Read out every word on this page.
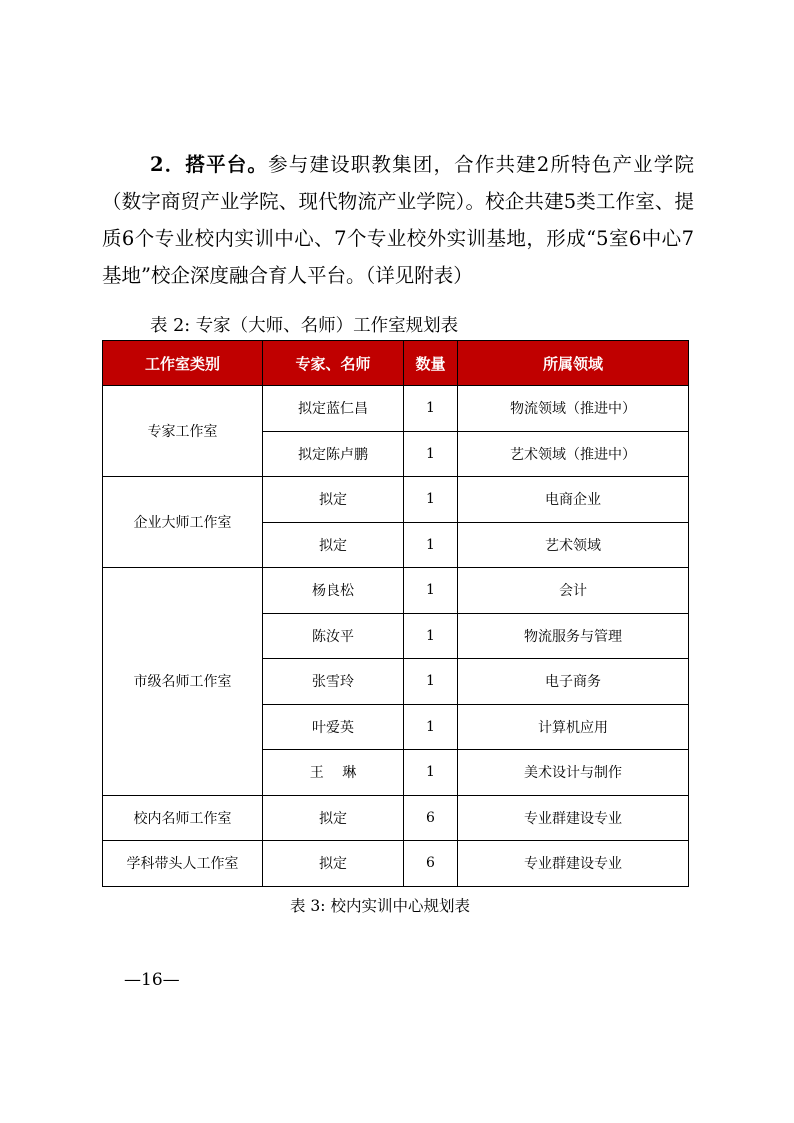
2．搭平台。参与建设职教集团，合作共建2所特色产业学院（数字商贸产业学院、现代物流产业学院）。校企共建5类工作室、提质6个专业校内实训中心、7个专业校外实训基地，形成“5室6中心7基地”校企深度融合育人平台。（详见附表）
表 2: 专家（大师、名师）工作室规划表
工作室类别	专家、名师	数量	所属领域
专家工作室	拟定蓝仁昌	1	物流领域（推进中）
	拟定陈卢鹏	1	艺术领域（推进中）
企业大师工作室	拟定	1	电商企业
	拟定	1	艺术领域
市级名师工作室	杨良松	1	会计
	陈汝平	1	物流服务与管理
	张雪玲	1	电子商务
	叶爱英	1	计算机应用
	王　 琳	1	美术设计与制作
校内名师工作室	拟定	6	专业群建设专业
学科带头人工作室	拟定	6	专业群建设专业
表 3: 校内实训中心规划表
—16—
